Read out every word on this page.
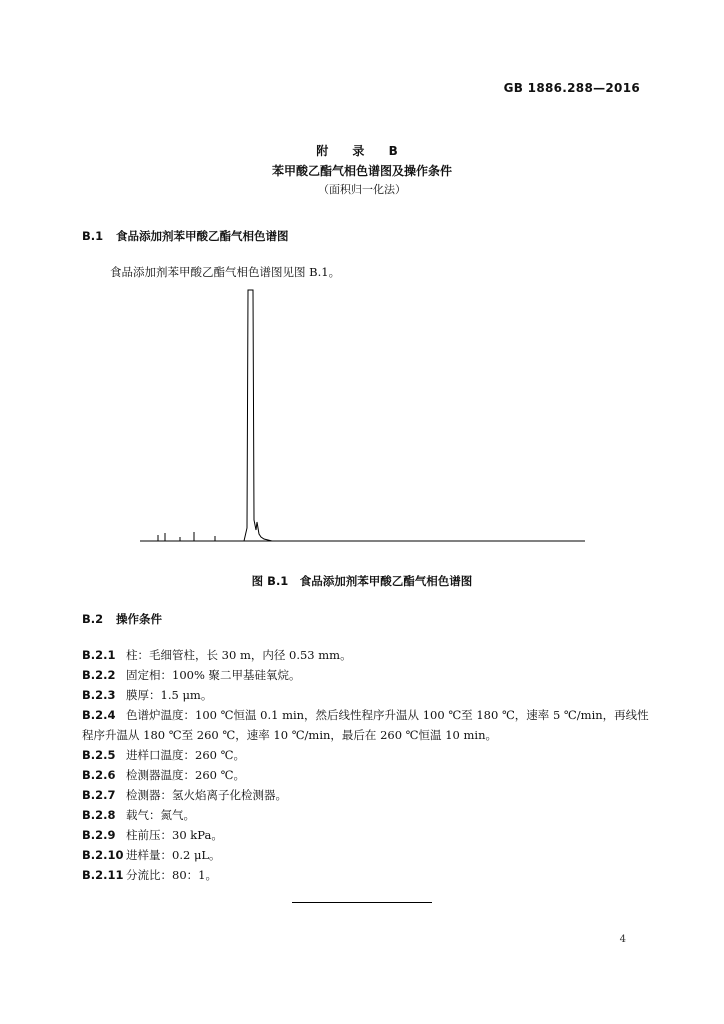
GB 1886.288—2016
附 录 B
苯甲酸乙酯气相色谱图及操作条件
（面积归一化法）
B.1 食品添加剂苯甲酸乙酯气相色谱图
食品添加剂苯甲酸乙酯气相色谱图见图 B.1。
图 B.1　食品添加剂苯甲酸乙酯气相色谱图
B.2 操作条件
B.2.1 柱：毛细管柱，长 30 m，内径 0.53 mm。
B.2.2 固定相：100% 聚二甲基硅氧烷。
B.2.3 膜厚：1.5 μm。
B.2.4 色谱炉温度：100 ℃恒温 0.1 min，然后线性程序升温从 100 ℃至 180 ℃，速率 5 ℃/min，再线性
程序升温从 180 ℃至 260 ℃，速率 10 ℃/min，最后在 260 ℃恒温 10 min。
B.2.5 进样口温度：260 ℃。
B.2.6 检测器温度：260 ℃。
B.2.7 检测器：氢火焰离子化检测器。
B.2.8 载气：氮气。
B.2.9 柱前压：30 kPa。
B.2.10 进样量：0.2 μL。
B.2.11 分流比：80：1。
4
